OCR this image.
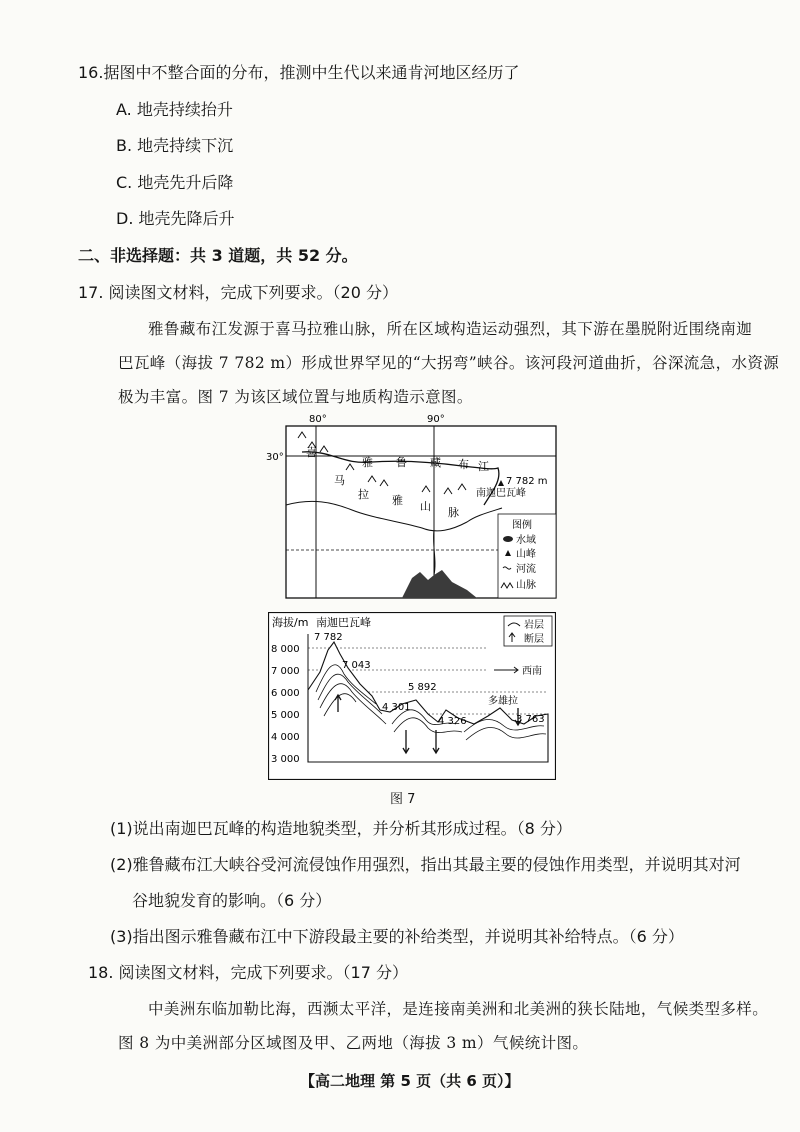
16.据图中不整合面的分布，推测中生代以来通肯河地区经历了
A. 地壳持续抬升
B. 地壳持续下沉
C. 地壳先升后降
D. 地壳先降后升
二、非选择题：共 3 道题，共 52 分。
17. 阅读图文材料，完成下列要求。（20 分）
雅鲁藏布江发源于喜马拉雅山脉，所在区域构造运动强烈，其下游在墨脱附近围绕南迦
巴瓦峰（海拔 7 782 m）形成世界罕见的“大拐弯”峡谷。该河段河道曲折，谷深流急，水资源
极为丰富。图 7 为该区域位置与地质构造示意图。
80°	90°
30° 喜
马
拉 雅 山 脉
雅 鲁 藏 布 江
7 782 m
南迦巴瓦峰
图例
水域
山峰
河流
山脉
海拔/m 南迦巴瓦峰
8 000
7 000
6 000
5 000
4 000
3 000
7 782
7 043
5 892
4 301
4 326	3 763
多雄拉
岩层
断层
西南
图 7
(1)说出南迦巴瓦峰的构造地貌类型，并分析其形成过程。（8 分）
(2)雅鲁藏布江大峡谷受河流侵蚀作用强烈，指出其最主要的侵蚀作用类型，并说明其对河
谷地貌发育的影响。（6 分）
(3)指出图示雅鲁藏布江中下游段最主要的补给类型，并说明其补给特点。（6 分）
18. 阅读图文材料，完成下列要求。（17 分）
中美洲东临加勒比海，西濒太平洋，是连接南美洲和北美洲的狭长陆地，气候类型多样。
图 8 为中美洲部分区域图及甲、乙两地（海拔 3 m）气候统计图。
【高二地理 第 5 页（共 6 页）】
